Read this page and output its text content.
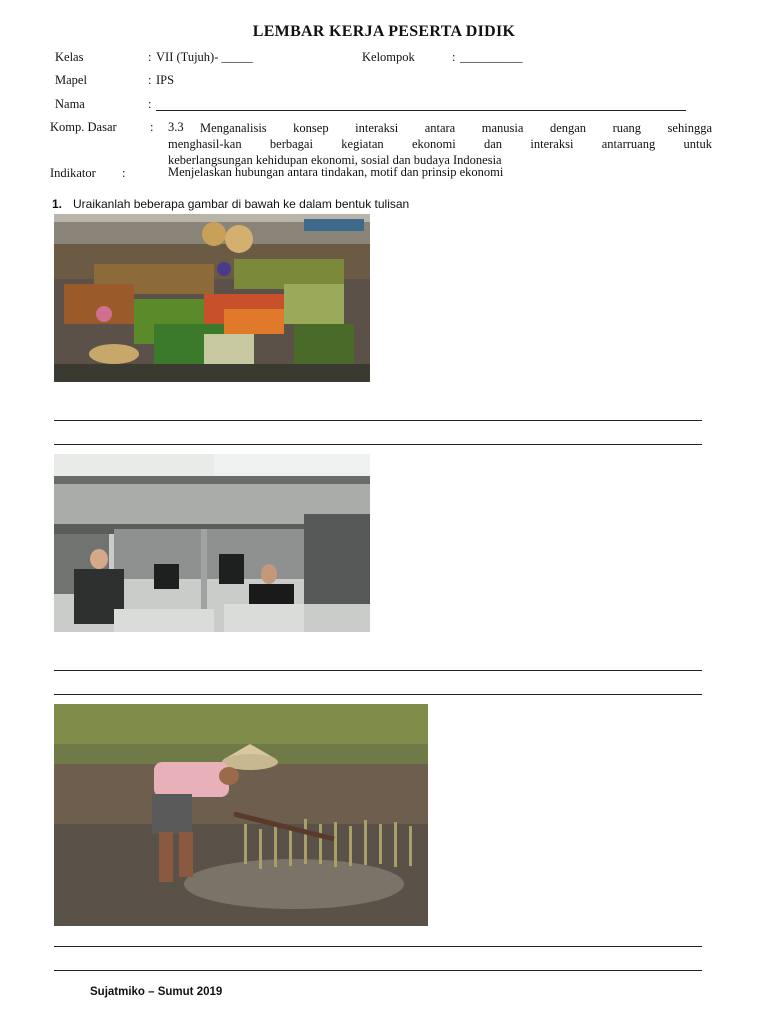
LEMBAR KERJA PESERTA DIDIK
Kelas	: VII (Tujuh)- _____	Kelompok	: __________
Mapel	: IPS
Nama	:
Komp. Dasar	: 3.3 Menganalisis konsep interaksi antara manusia dengan ruang sehingga
menghasil-kan berbagai kegiatan ekonomi dan interaksi antarruang untuk
keberlangsungan kehidupan ekonomi, sosial dan budaya Indonesia
Indikator :	Menjelaskan hubungan antara tindakan, motif dan prinsip ekonomi
1. Uraikanlah beberapa gambar di bawah ke dalam bentuk tulisan
Sujatmiko – Sumut 2019
